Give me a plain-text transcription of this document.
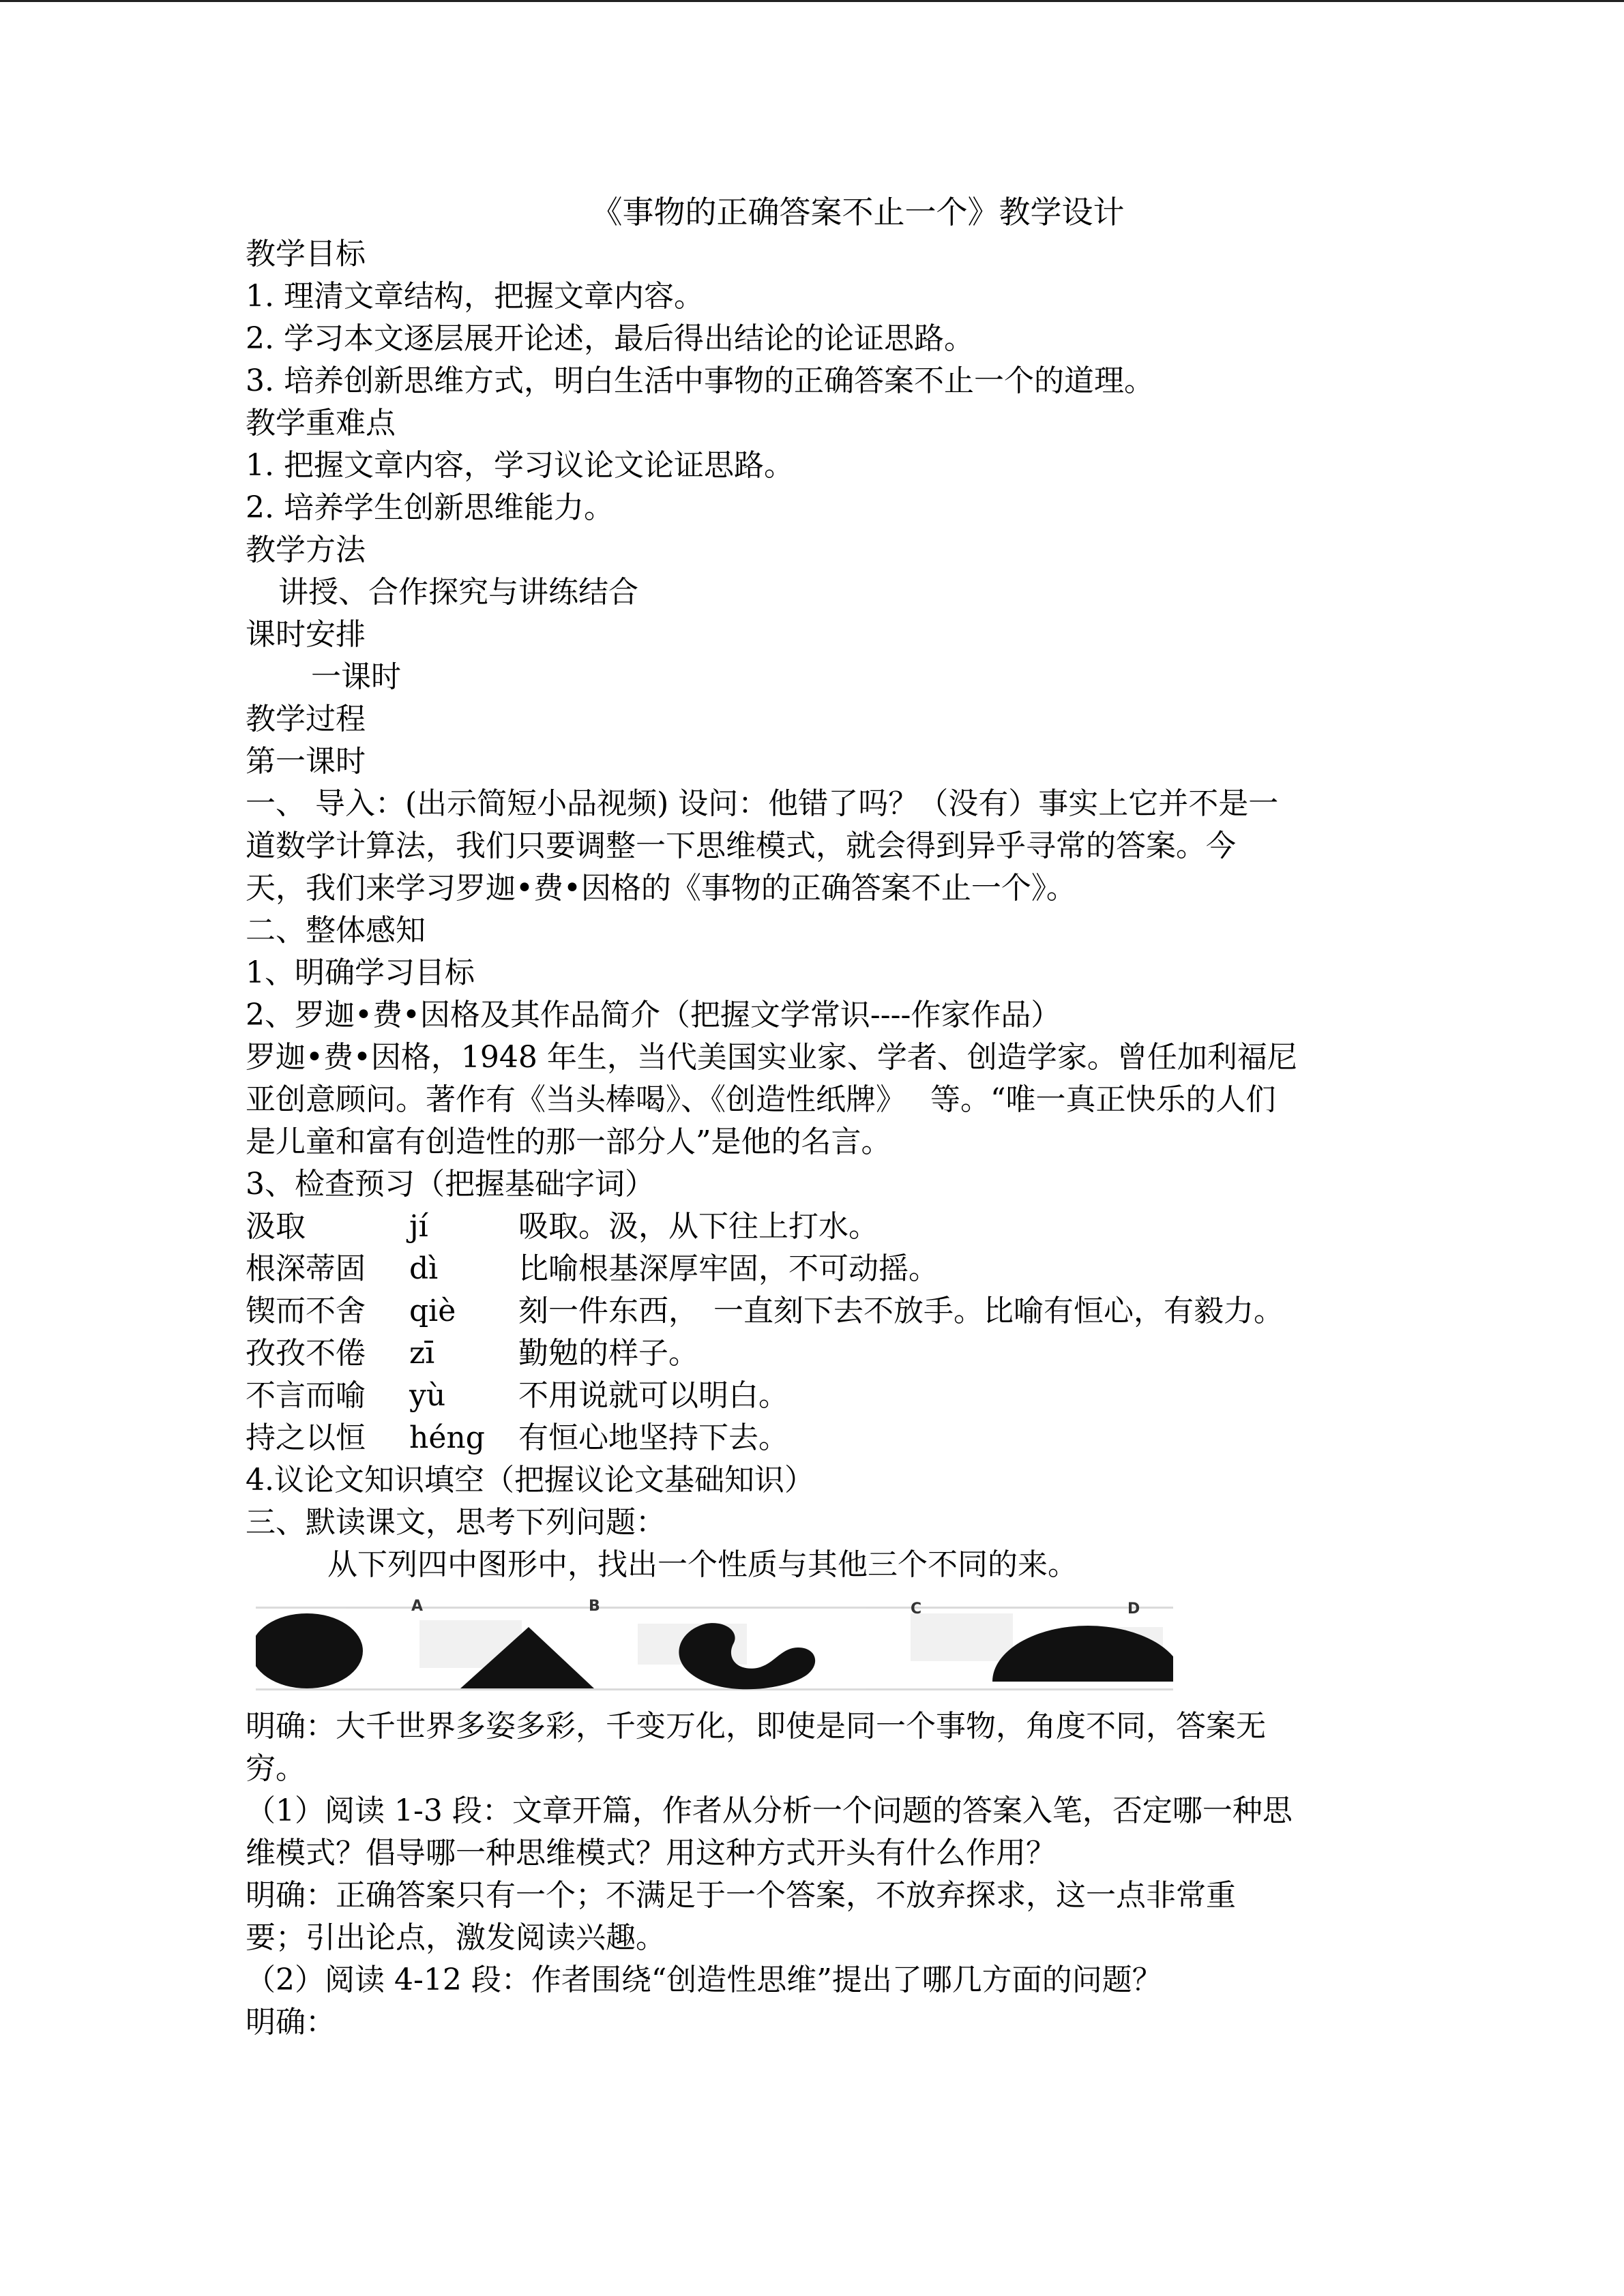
《事物的正确答案不止一个》教学设计

教学目标

1. 理清文章结构，把握文章内容。

2. 学习本文逐层展开论述，最后得出结论的论证思路。

3. 培养创新思维方式，明白生活中事物的正确答案不止一个的道理。

教学重难点

1. 把握文章内容，学习议论文论证思路。

2. 培养学生创新思维能力。

教学方法

讲授、合作探究与讲练结合

课时安排

一课时

教学过程

第一课时

一、 导入：(出示简短小品视频) 设问：他错了吗？（没有）事实上它并不是一

道数学计算法，我们只要调整一下思维模式，就会得到异乎寻常的答案。今

天，我们来学习罗迦•费•因格的《事物的正确答案不止一个》。

二、整体感知

1、明确学习目标

2、罗迦•费•因格及其作品简介（把握文学常识----作家作品）

罗迦•费•因格，1948 年生，当代美国实业家、学者、创造学家。曾任加利福尼

亚创意顾问。著作有《当头棒喝》、《创造性纸牌》　 等。“唯一真正快乐的人们

是儿童和富有创造性的那一部分人”是他的名言。

3、检查预习（把握基础字词）

汲取	jí	吸取。汲，从下往上打水。
根深蒂固	dì	比喻根基深厚牢固，不可动摇。
锲而不舍	qiè	刻一件东西，　一直刻下去不放手。比喻有恒心，有毅力。
孜孜不倦	zī	勤勉的样子。
不言而喻	yù	不用说就可以明白。
持之以恒	héng	有恒心地坚持下去。

4.议论文知识填空（把握议论文基础知识）

三、默读课文，思考下列问题：

从下列四中图形中，找出一个性质与其他三个不同的来。

A	B	C	D

明确：大千世界多姿多彩，千变万化，即使是同一个事物，角度不同，答案无

穷。

（1）阅读 1-3 段：文章开篇，作者从分析一个问题的答案入笔，否定哪一种思

维模式？倡导哪一种思维模式？用这种方式开头有什么作用？

明确：正确答案只有一个；不满足于一个答案，不放弃探求，这一点非常重

要；引出论点，激发阅读兴趣。

（2）阅读 4-12 段：作者围绕“创造性思维”提出了哪几方面的问题？

明确：
